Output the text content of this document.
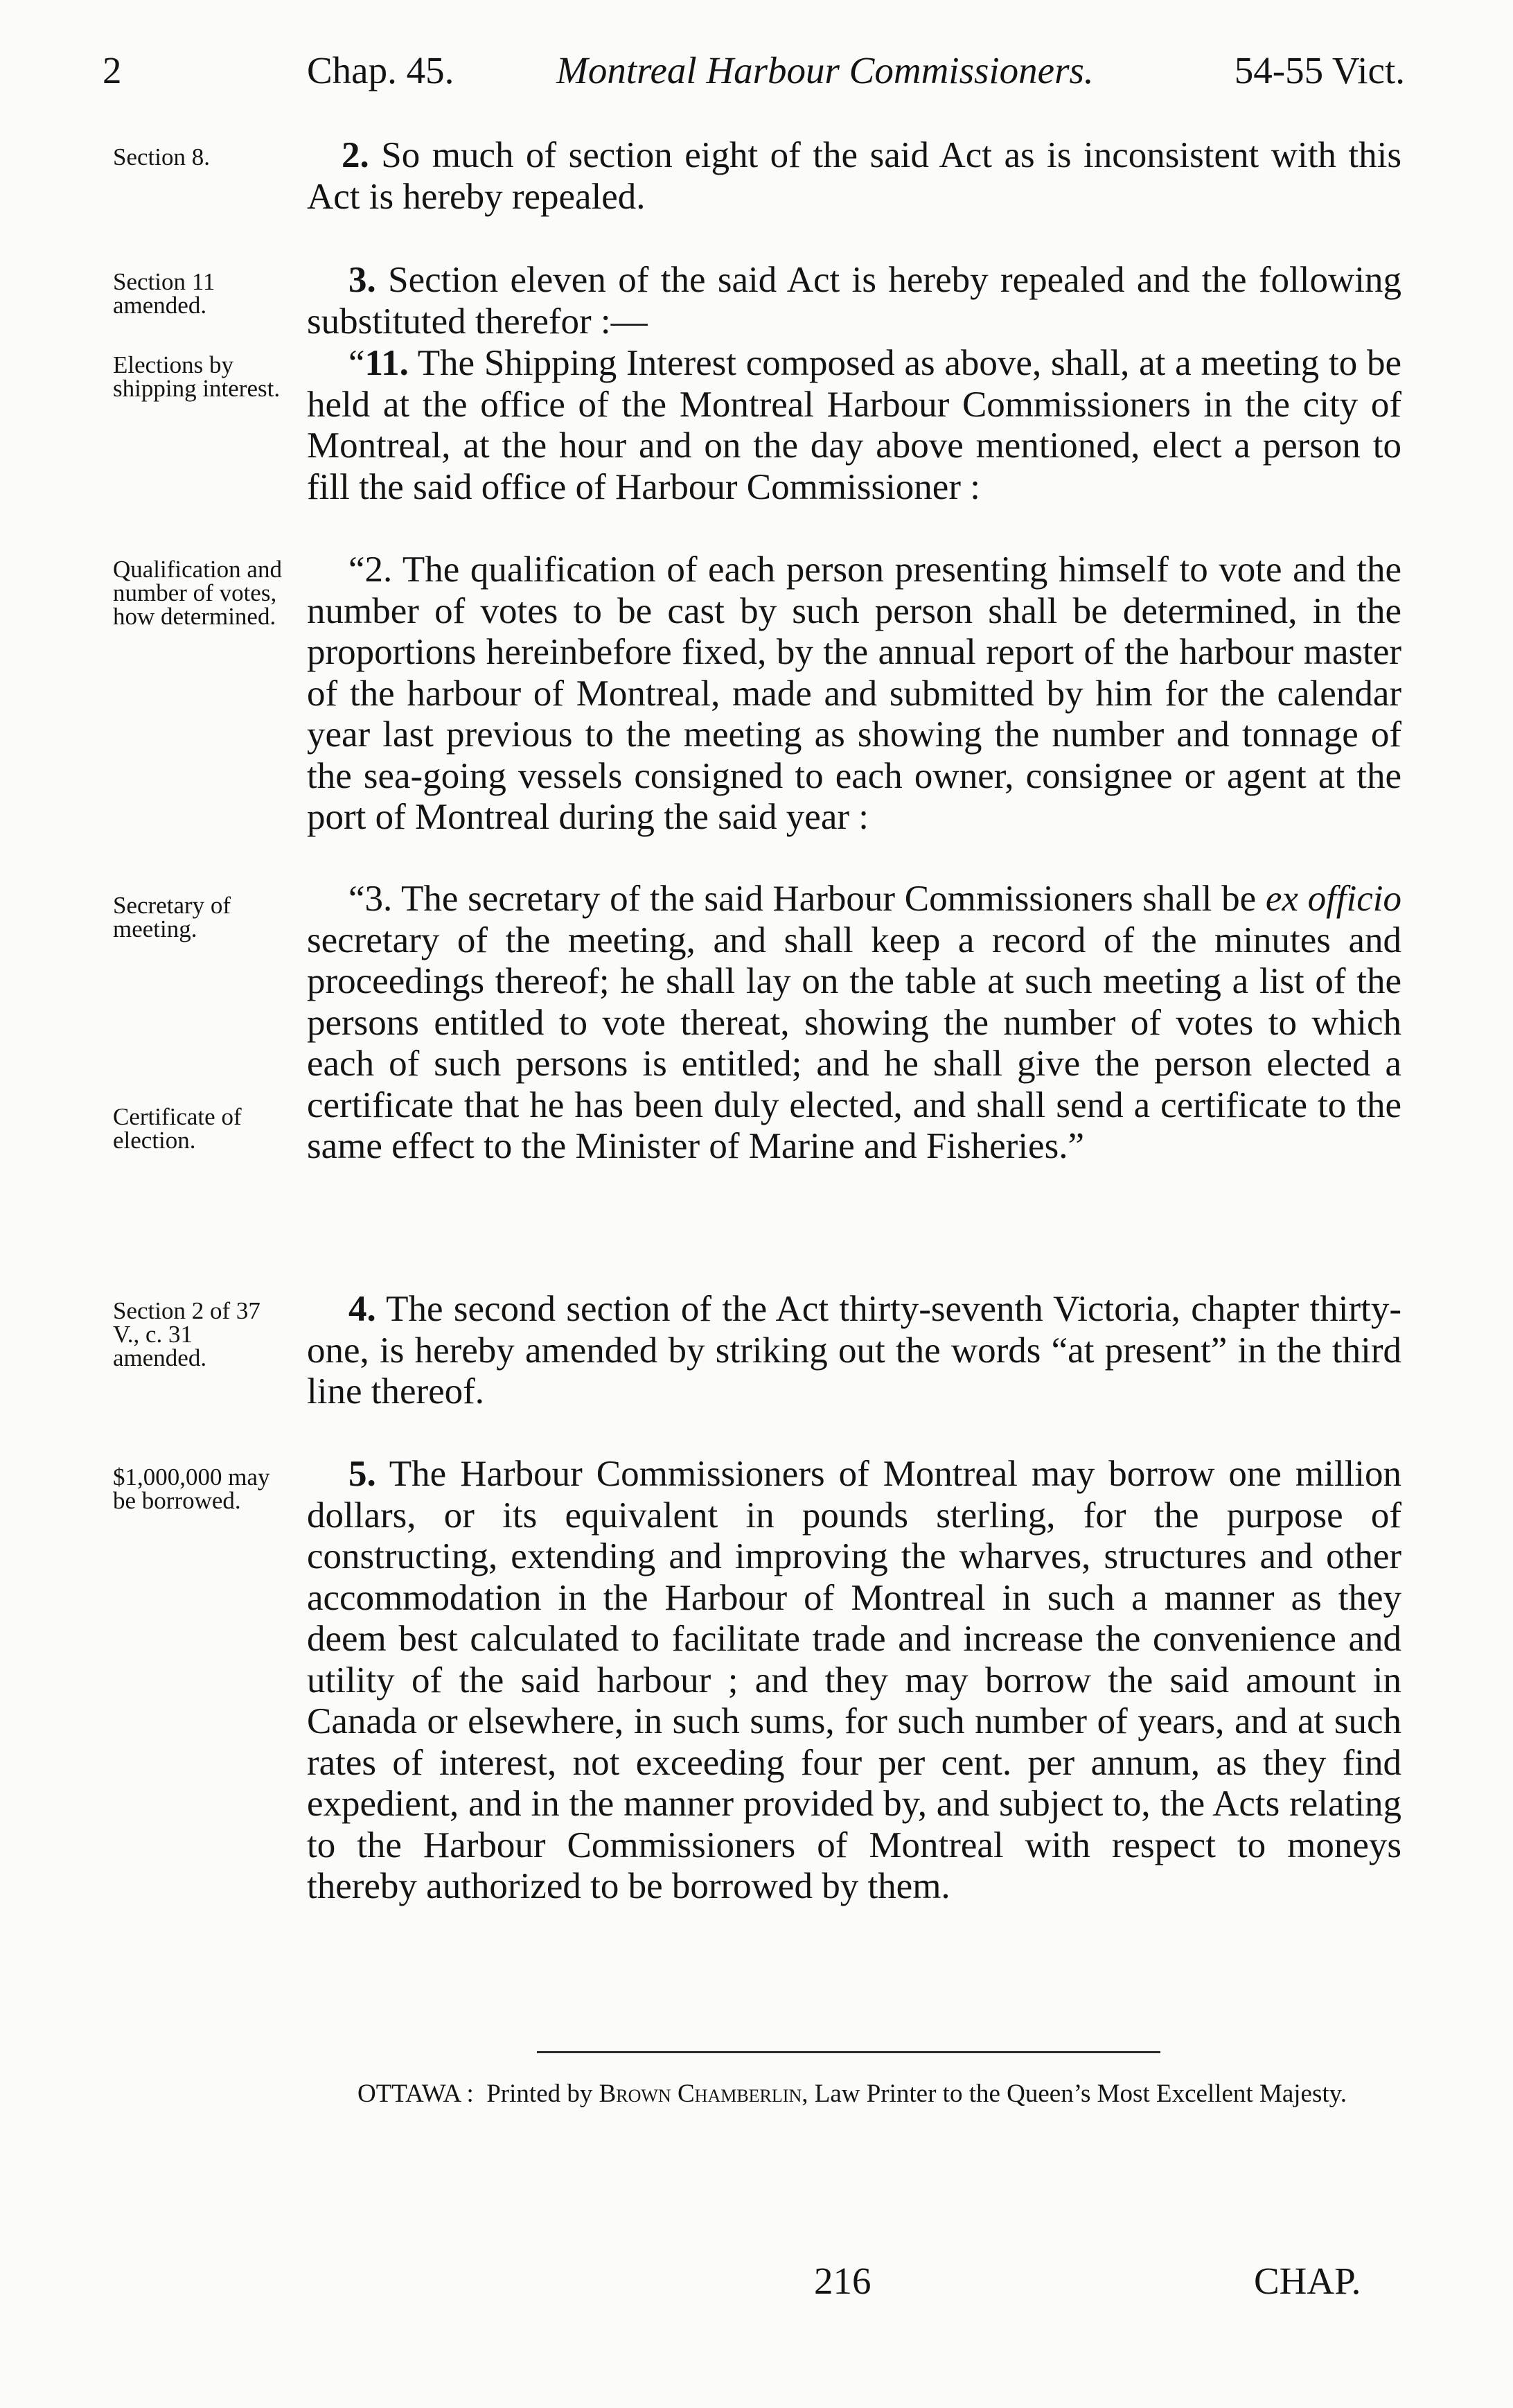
2	Chap. 45.	Montreal Harbour Commissioners.	54-55 Vict.
Section 8.
Section 11 amended.
Elections by shipping interest.
Qualification and number of votes, how determined.
Secretary of meeting.
Certificate of election.
Section 2 of 37 V., c. 31 amended.
$1,000,000 may be borrowed.
2. So much of section eight of the said Act as is inconsistent with this Act is hereby repealed.
3. Section eleven of the said Act is hereby repealed and the following substituted therefor :—
“11. The Shipping Interest composed as above, shall, at a meeting to be held at the office of the Montreal Harbour Commissioners in the city of Montreal, at the hour and on the day above mentioned, elect a person to fill the said office of Harbour Commissioner :
“2. The qualification of each person presenting himself to vote and the number of votes to be cast by such person shall be determined, in the proportions hereinbefore fixed, by the annual report of the harbour master of the harbour of Montreal, made and submitted by him for the calendar year last previous to the meeting as showing the number and tonnage of the sea-going vessels consigned to each owner, consignee or agent at the port of Montreal during the said year :
“3. The secretary of the said Harbour Commissioners shall be ex officio secretary of the meeting, and shall keep a record of the minutes and proceedings thereof; he shall lay on the table at such meeting a list of the persons entitled to vote thereat, showing the number of votes to which each of such persons is entitled; and he shall give the person elected a certificate that he has been duly elected, and shall send a certificate to the same effect to the Minister of Marine and Fisheries.”
4. The second section of the Act thirty-seventh Victoria, chapter thirty-one, is hereby amended by striking out the words “at present” in the third line thereof.
5. The Harbour Commissioners of Montreal may borrow one million dollars, or its equivalent in pounds sterling, for the purpose of constructing, extending and improving the wharves, structures and other accommodation in the Harbour of Montreal in such a manner as they deem best calculated to facilitate trade and increase the convenience and utility of the said harbour ; and they may borrow the said amount in Canada or elsewhere, in such sums, for such number of years, and at such rates of interest, not exceeding four per cent. per annum, as they find expedient, and in the manner provided by, and subject to, the Acts relating to the Harbour Commissioners of Montreal with respect to moneys thereby authorized to be borrowed by them.
OTTAWA : Printed by Brown Chamberlin, Law Printer to the Queen’s Most Excellent Majesty.
216	CHAP.
